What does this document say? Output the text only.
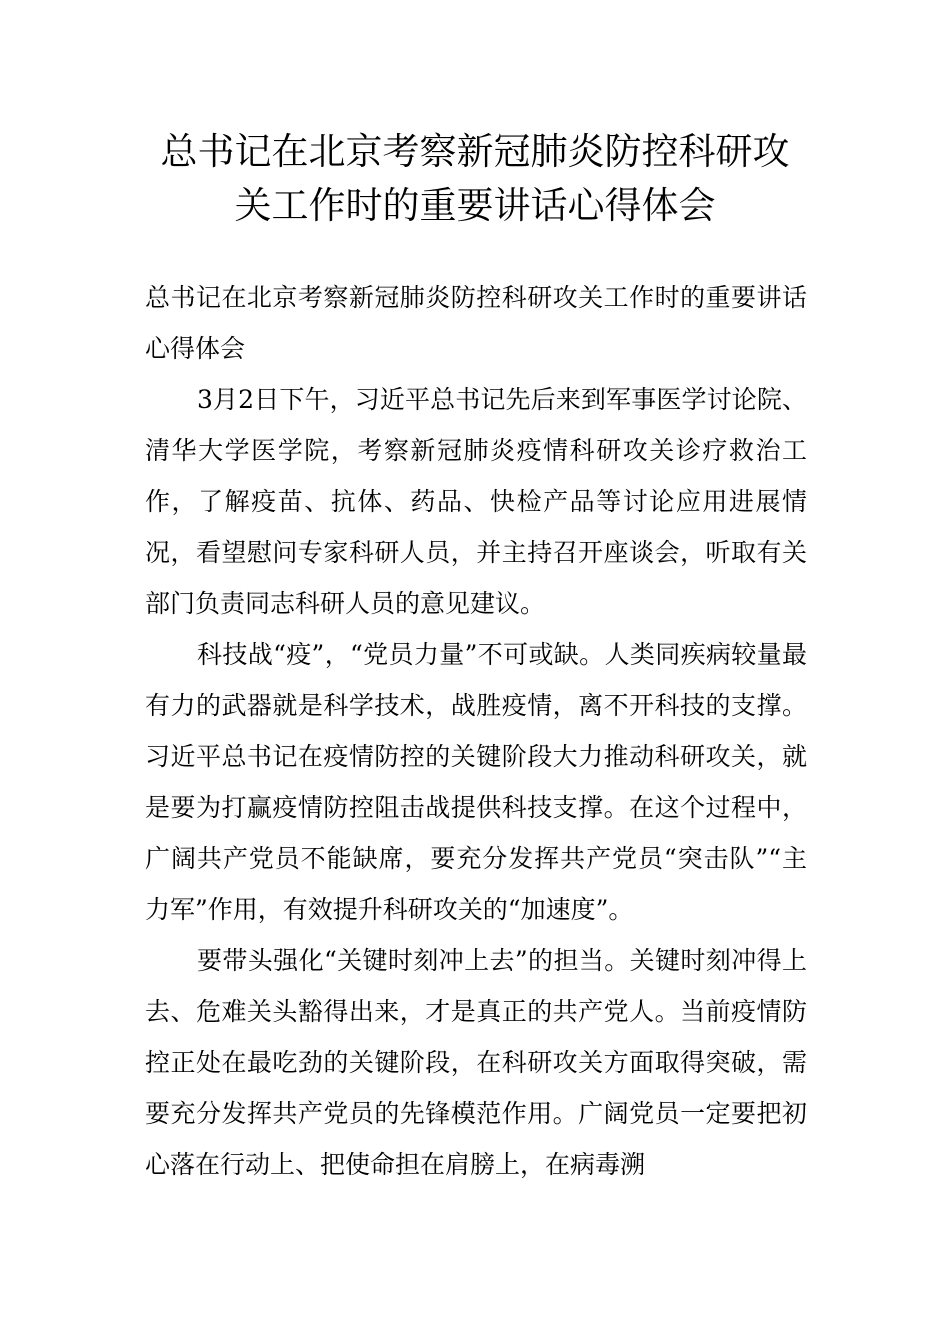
总书记在北京考察新冠肺炎防控科研攻
关工作时的重要讲话心得体会

总书记在北京考察新冠肺炎防控科研攻关工作时的重要讲话心得体会

3月2日下午，习近平总书记先后来到军事医学讨论院、清华大学医学院，考察新冠肺炎疫情科研攻关诊疗救治工作，了解疫苗、抗体、药品、快检产品等讨论应用进展情况，看望慰问专家科研人员，并主持召开座谈会，听取有关部门负责同志科研人员的意见建议。

科技战“疫”，“党员力量”不可或缺。人类同疾病较量最有力的武器就是科学技术，战胜疫情，离不开科技的支撑。习近平总书记在疫情防控的关键阶段大力推动科研攻关，就是要为打赢疫情防控阻击战提供科技支撑。在这个过程中，广阔共产党员不能缺席，要充分发挥共产党员“突击队”“主力军”作用，有效提升科研攻关的“加速度”。

要带头强化“关键时刻冲上去”的担当。关键时刻冲得上去、危难关头豁得出来，才是真正的共产党人。当前疫情防控正处在最吃劲的关键阶段，在科研攻关方面取得突破，需要充分发挥共产党员的先锋模范作用。广阔党员一定要把初心落在行动上、把使命担在肩膀上，在病毒溯
